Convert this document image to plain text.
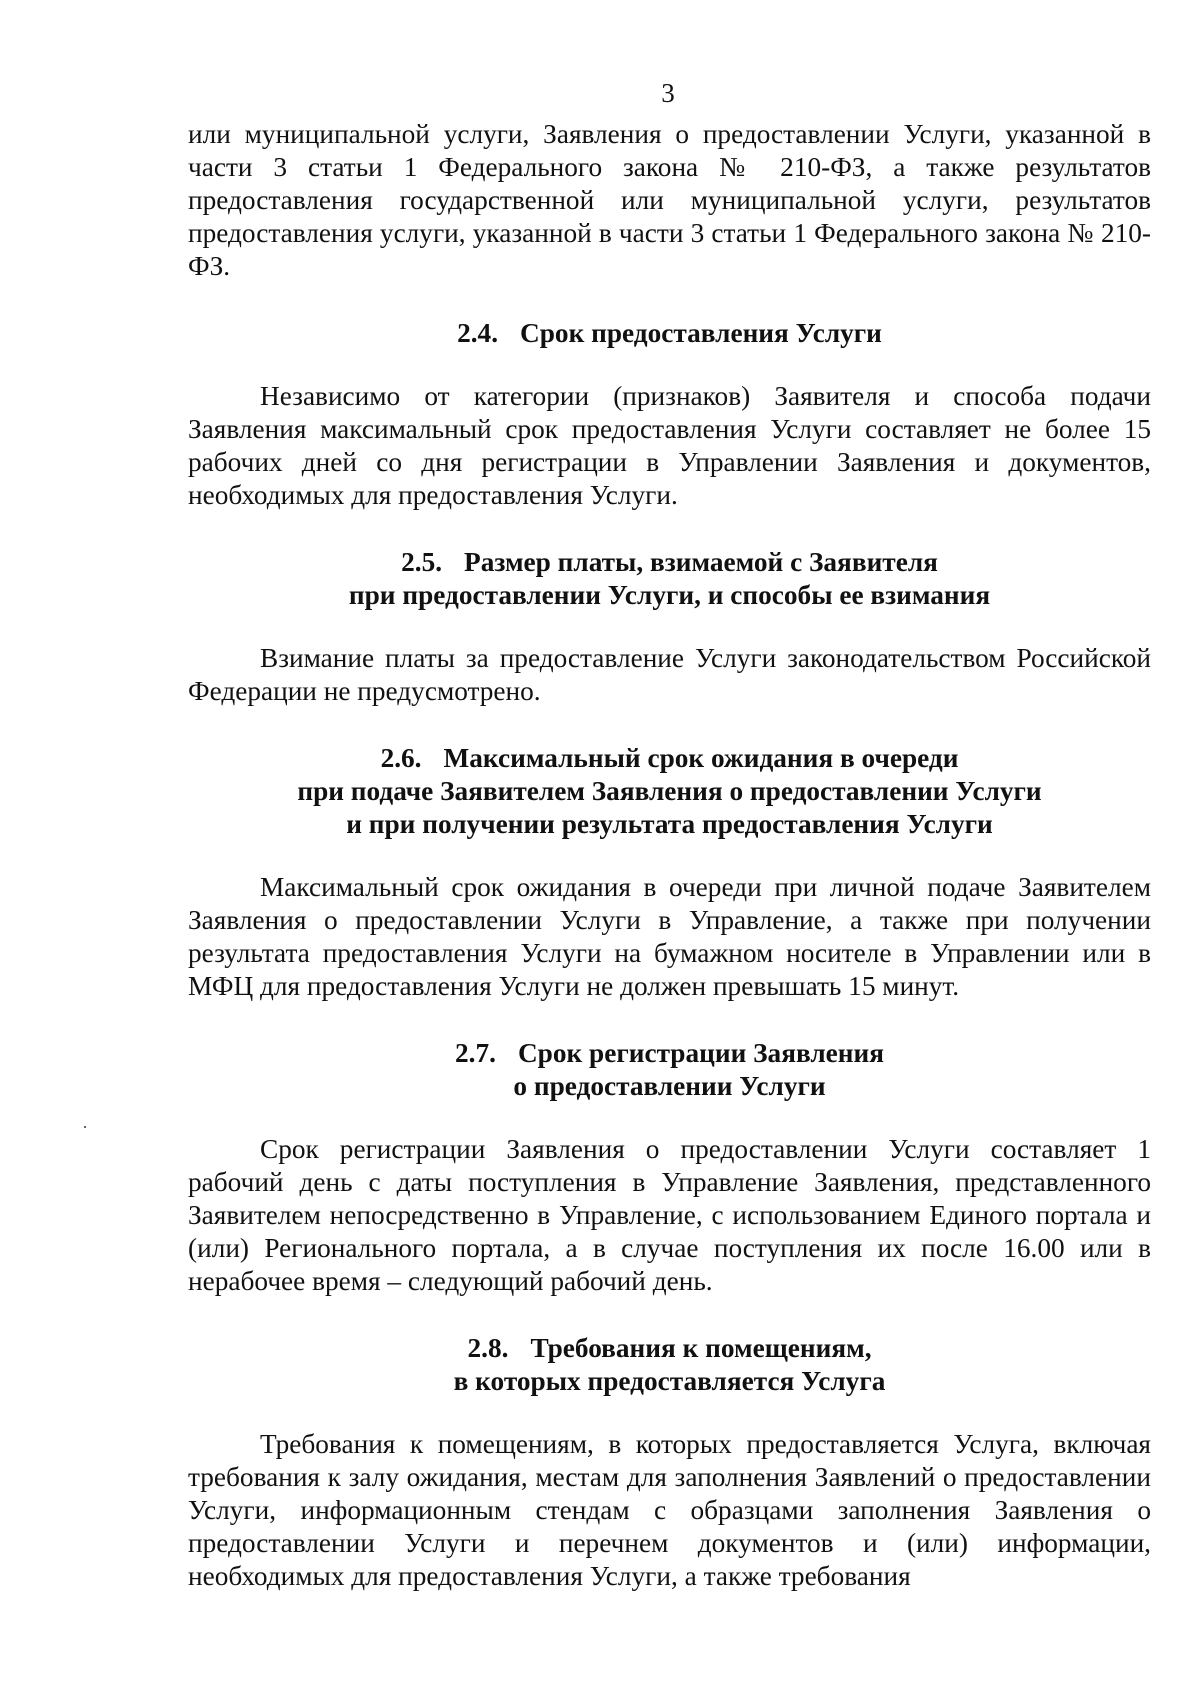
3

или муниципальной услуги, Заявления о предоставлении Услуги, указанной в части 3 статьи 1 Федерального закона № 210-ФЗ, а также результатов предоставления государственной или муниципальной услуги, результатов предоставления услуги, указанной в части 3 статьи 1 Федерального закона № 210-ФЗ.

2.4. Срок предоставления Услуги

Независимо от категории (признаков) Заявителя и способа подачи Заявления максимальный срок предоставления Услуги составляет не более 15 рабочих дней со дня регистрации в Управлении Заявления и документов, необходимых для предоставления Услуги.

2.5. Размер платы, взимаемой с Заявителя
при предоставлении Услуги, и способы ее взимания

Взимание платы за предоставление Услуги законодательством Российской Федерации не предусмотрено.

2.6. Максимальный срок ожидания в очереди
при подаче Заявителем Заявления о предоставлении Услуги
и при получении результата предоставления Услуги

Максимальный срок ожидания в очереди при личной подаче Заявителем Заявления о предоставлении Услуги в Управление, а также при получении результата предоставления Услуги на бумажном носителе в Управлении или в МФЦ для предоставления Услуги не должен превышать 15 минут.

2.7. Срок регистрации Заявления
о предоставлении Услуги

Срок регистрации Заявления о предоставлении Услуги составляет 1 рабочий день с даты поступления в Управление Заявления, представленного Заявителем непосредственно в Управление, с использованием Единого портала и (или) Регионального портала, а в случае поступления их после 16.00 или в нерабочее время – следующий рабочий день.

2.8. Требования к помещениям,
в которых предоставляется Услуга

Требования к помещениям, в которых предоставляется Услуга, включая требования к залу ожидания, местам для заполнения Заявлений о предоставлении Услуги, информационным стендам с образцами заполнения Заявления о предоставлении Услуги и перечнем документов и (или) информации, необходимых для предоставления Услуги, а также требования
